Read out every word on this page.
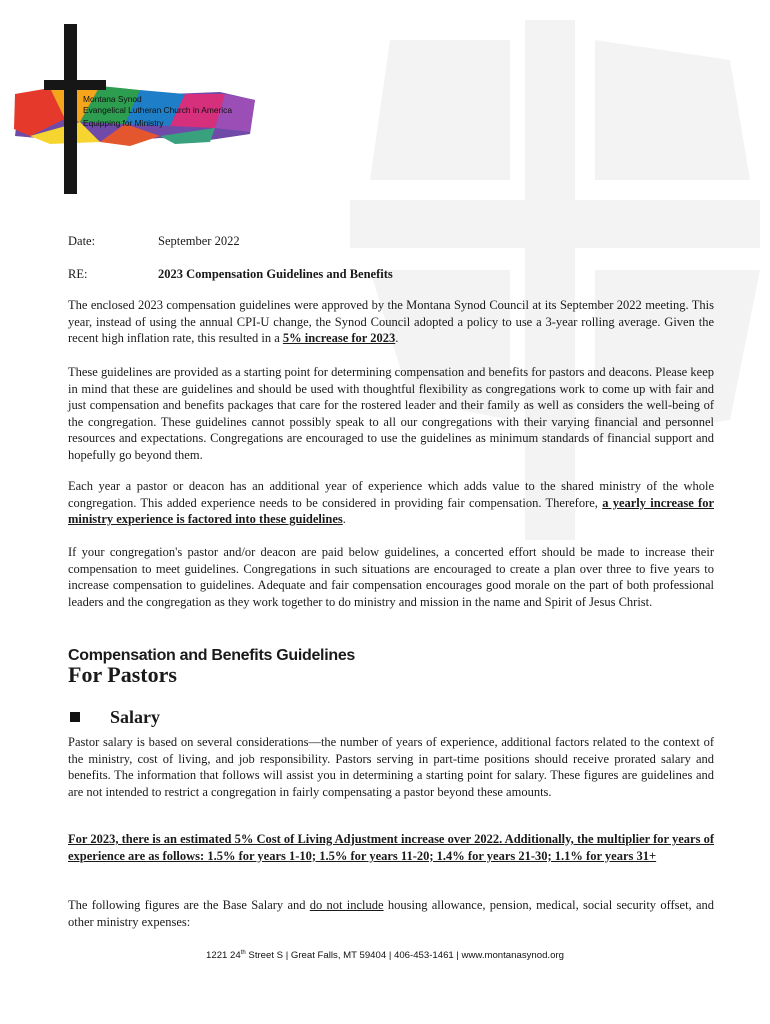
Montana Synod
Evangelical Lutheran Church in America
Equipping for Ministry
Date:	September 2022
RE:	2023 Compensation Guidelines and Benefits

The enclosed 2023 compensation guidelines were approved by the Montana Synod Council at its September 2022 meeting. This year, instead of using the annual CPI-U change, the Synod Council adopted a policy to use a 3-year rolling average. Given the recent high inflation rate, this resulted in a 5% increase for 2023.

These guidelines are provided as a starting point for determining compensation and benefits for pastors and deacons. Please keep in mind that these are guidelines and should be used with thoughtful flexibility as congregations work to come up with fair and just compensation and benefits packages that care for the rostered leader and their family as well as considers the well-being of the congregation. These guidelines cannot possibly speak to all our congregations with their varying financial and personnel resources and expectations. Congregations are encouraged to use the guidelines as minimum standards of financial support and hopefully go beyond them.

Each year a pastor or deacon has an additional year of experience which adds value to the shared ministry of the whole congregation. This added experience needs to be considered in providing fair compensation. Therefore, a yearly increase for ministry experience is factored into these guidelines.

If your congregation's pastor and/or deacon are paid below guidelines, a concerted effort should be made to increase their compensation to meet guidelines. Congregations in such situations are encouraged to create a plan over three to five years to increase compensation to guidelines. Adequate and fair compensation encourages good morale on the part of both professional leaders and the congregation as they work together to do ministry and mission in the name and Spirit of Jesus Christ.

Compensation and Benefits Guidelines
For Pastors
Salary

Pastor salary is based on several considerations—the number of years of experience, additional factors related to the context of the ministry, cost of living, and job responsibility. Pastors serving in part-time positions should receive prorated salary and benefits. The information that follows will assist you in determining a starting point for salary. These figures are guidelines and are not intended to restrict a congregation in fairly compensating a pastor beyond these amounts.

For 2023, there is an estimated 5% Cost of Living Adjustment increase over 2022. Additionally, the multiplier for years of experience are as follows: 1.5% for years 1-10; 1.5% for years 11-20; 1.4% for years 21-30; 1.1% for years 31+

The following figures are the Base Salary and do not include housing allowance, pension, medical, social security offset, and other ministry expenses:

1221 24th Street S | Great Falls, MT 59404 | 406-453-1461 | www.montanasynod.org
